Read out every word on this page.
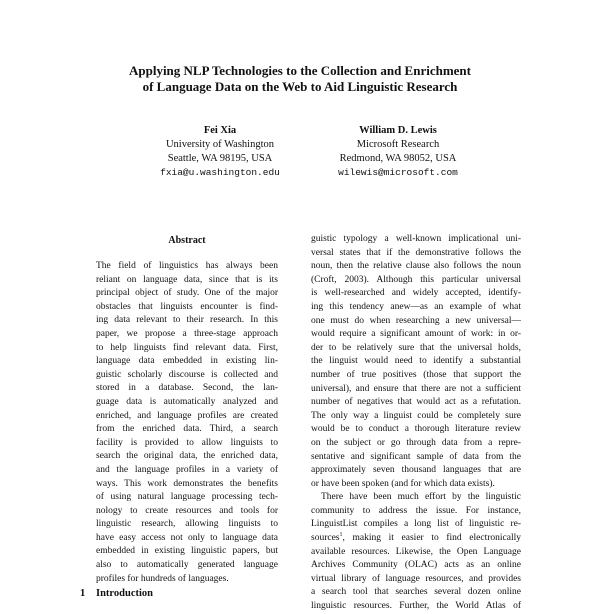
Applying NLP Technologies to the Collection and Enrichment
of Language Data on the Web to Aid Linguistic Research
Fei Xia
University of Washington
Seattle, WA 98195, USA
fxia@u.washington.edu
William D. Lewis
Microsoft Research
Redmond, WA 98052, USA
wilewis@microsoft.com
Abstract
The field of linguistics has always been
reliant on language data, since that is its
principal object of study. One of the major
obstacles that linguists encounter is find-
ing data relevant to their research. In this
paper, we propose a three-stage approach
to help linguists find relevant data. First,
language data embedded in existing lin-
guistic scholarly discourse is collected and
stored in a database. Second, the lan-
guage data is automatically analyzed and
enriched, and language profiles are created
from the enriched data. Third, a search
facility is provided to allow linguists to
search the original data, the enriched data,
and the language profiles in a variety of
ways. This work demonstrates the benefits
of using natural language processing tech-
nology to create resources and tools for
linguistic research, allowing linguists to
have easy access not only to language data
embedded in existing linguistic papers, but
also to automatically generated language
profiles for hundreds of languages.
1 Introduction
guistic typology a well-known implicational uni-
versal states that if the demonstrative follows the
noun, then the relative clause also follows the noun
(Croft, 2003). Although this particular universal
is well-researched and widely accepted, identify-
ing this tendency anew—as an example of what
one must do when researching a new universal—
would require a significant amount of work: in or-
der to be relatively sure that the universal holds,
the linguist would need to identify a substantial
number of true positives (those that support the
universal), and ensure that there are not a sufficient
number of negatives that would act as a refutation.
The only way a linguist could be completely sure
would be to conduct a thorough literature review
on the subject or go through data from a repre-
sentative and significant sample of data from the
approximately seven thousand languages that are
or have been spoken (and for which data exists).
There have been much effort by the linguistic
community to address the issue. For instance,
LinguistList compiles a long list of linguistic re-
sources$^1$, making it easier to find electronically
available resources. Likewise, the Open Language
Archives Community (OLAC) acts as an online
virtual library of language resources, and provides
a search tool that searches several dozen online
linguistic resources. Further, the World Atlas of
